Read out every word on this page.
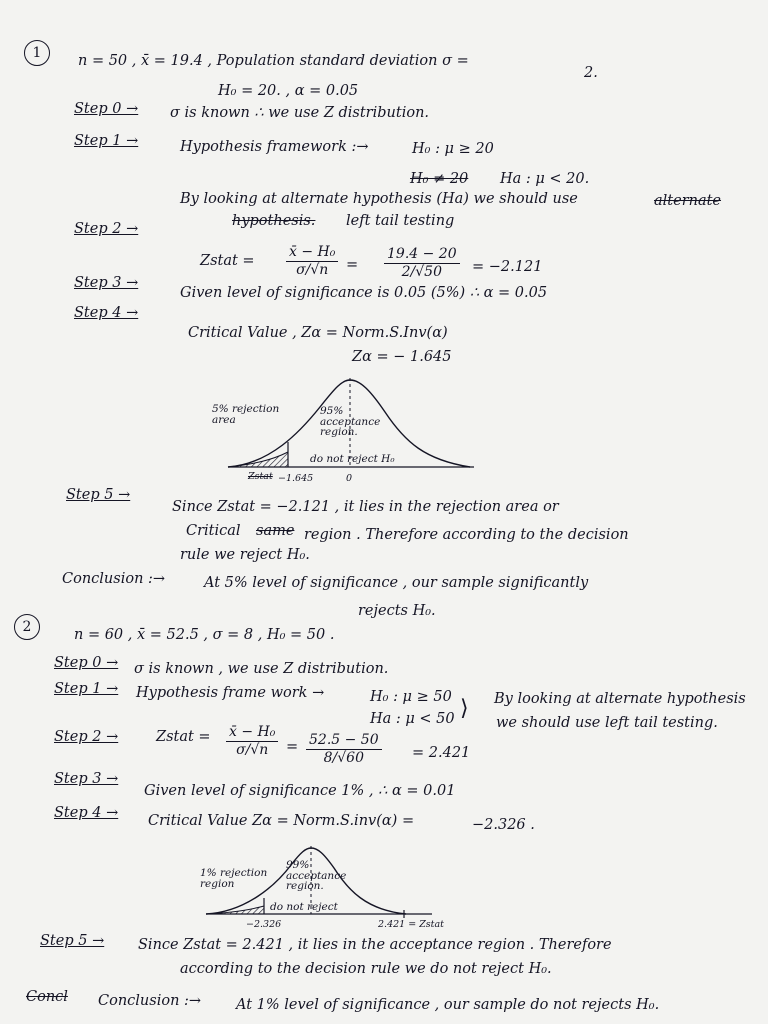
1	n = 50 , x̄ = 19.4 , Population standard deviation σ =
2.
H₀ = 20. , α = 0.05
Step 0 → σ is known ∴ we use Z distribution.
Step 1 →	Hypothesis framework :→	H₀ : μ ≥ 20
H₀ ≠ 20 Ha : μ < 20.
By looking at alternate hypothesis (Ha) we should use	alternate
hypothesis. left tail testing
Step 2 →
Zstat = $\frac{\text{x̄ − H₀}}{\sigma/√n} = \frac{19.4 - 20}{2/√50} = -2.121$
Step 3 →
Given level of significance is 0.05 (5%) ∴ α = 0.05
Step 4 →
Critical Value , Zα = Norm.S.Inv(α)
Zα = − 1.645
5% rejection area
95% acceptance region.
do not reject H₀
Zstat −1.645	0
Step 5 →
Since Zstat = −2.121 , it lies in the rejection area or
Critical same region . Therefore according to the decision
rule we reject H₀.
Conclusion :→	At 5% level of significance , our sample significantly
rejects H₀.
2	n = 60 , x̄ = 52.5 , σ = 8 , H₀ = 50 .
Step 0 → σ is known , we use Z distribution.
Step 1 → Hypothesis frame work →	H₀ : μ ≥ 50
Ha : μ < 50 ⟩ By looking at alternate hypothesis
we should use left tail testing.
Step 2 →	Zstat = $\frac{\text{x̄ − H₀}}{\sigma/√n} = \frac{52.5 - 50}{8/√60} = 2.421$
Step 3 →
Given level of significance 1% , ∴ α = 0.01
Step 4 → Critical Value Zα = Norm.S.inv(α) =	−2.326 .
1% rejection region
99% acceptance region.
do not reject
−2.326	2.421 = Zstat
Step 5 → Since Zstat = 2.421 , it lies in the acceptance region . Therefore
according to the decision rule we do not reject H₀.
Concl Conclusion :→ At 1% level of significance , our sample do not rejects H₀.
